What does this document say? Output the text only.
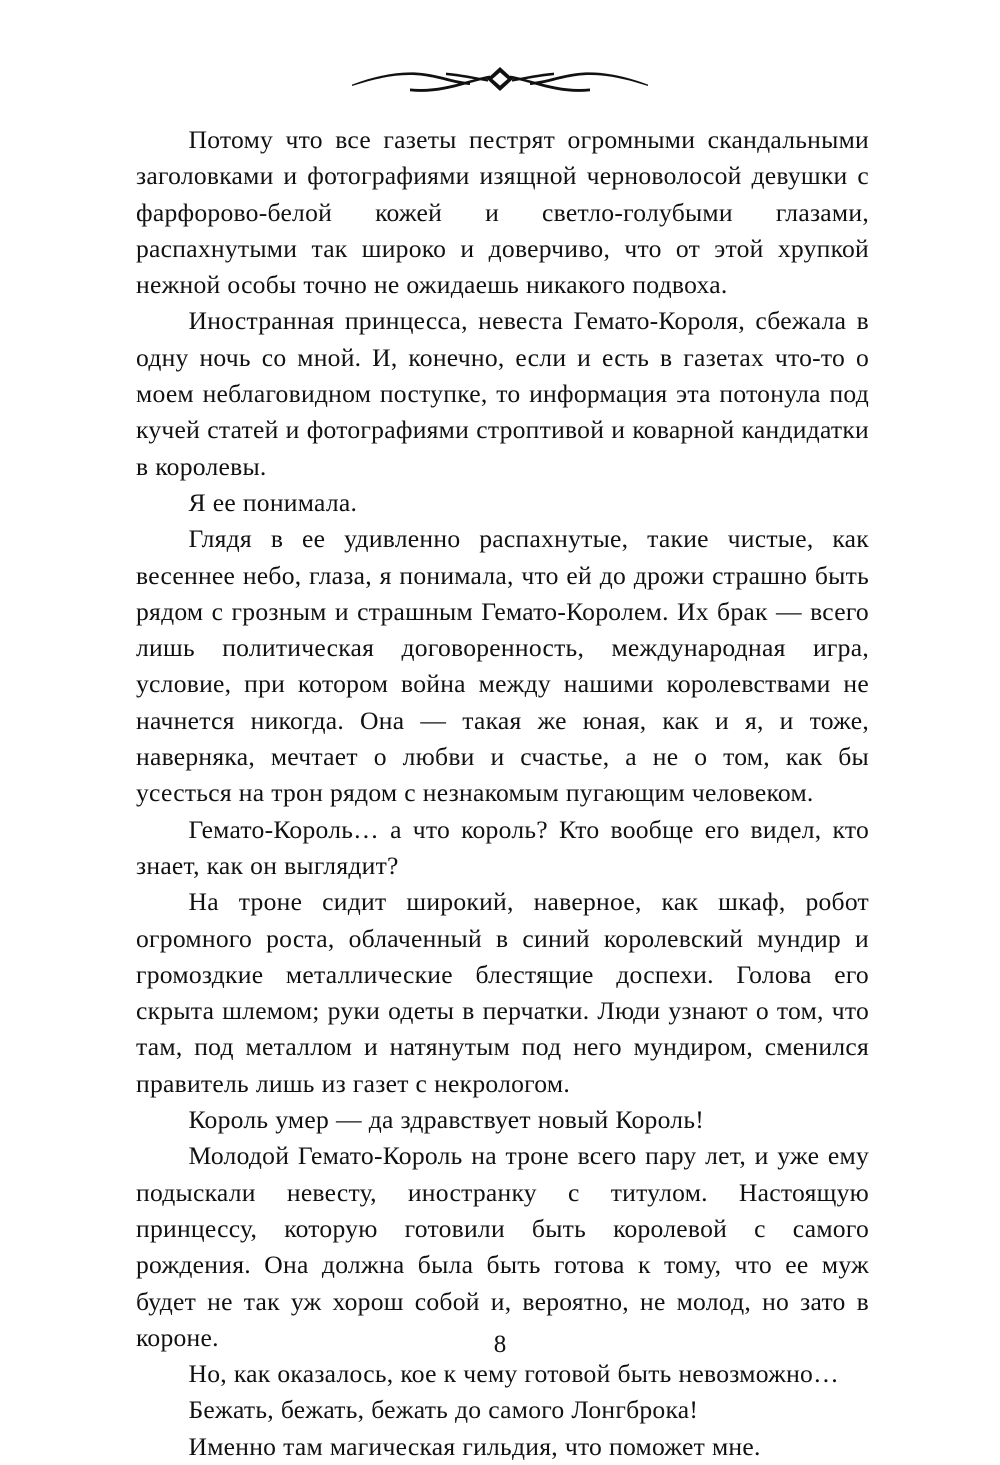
Потому что все газеты пестрят огромными скандальными заголовками и фотографиями изящной черноволосой девушки с фарфорово-белой кожей и светло-голубыми глазами, распахнутыми так широко и доверчиво, что от этой хрупкой нежной особы точно не ожидаешь никакого подвоха.

Иностранная принцесса, невеста Гемато-Короля, сбежала в одну ночь со мной. И, конечно, если и есть в газетах что-то о моем неблаговидном поступке, то информация эта потонула под кучей статей и фотографиями строптивой и коварной кандидатки в королевы.

Я ее понимала.

Глядя в ее удивленно распахнутые, такие чистые, как весеннее небо, глаза, я понимала, что ей до дрожи страшно быть рядом с грозным и страшным Гемато-Королем. Их брак — всего лишь политическая договоренность, международная игра, условие, при котором война между нашими королевствами не начнется никогда. Она — такая же юная, как и я, и тоже, наверняка, мечтает о любви и счастье, а не о том, как бы усесться на трон рядом с незнакомым пугающим человеком.

Гемато-Король… а что король? Кто вообще его видел, кто знает, как он выглядит?

На троне сидит широкий, наверное, как шкаф, робот огромного роста, облаченный в синий королевский мундир и громоздкие металлические блестящие доспехи. Голова его скрыта шлемом; руки одеты в перчатки. Люди узнают о том, что там, под металлом и натянутым под него мундиром, сменился правитель лишь из газет с некрологом.

Король умер — да здравствует новый Король!

Молодой Гемато-Король на троне всего пару лет, и уже ему подыскали невесту, иностранку с титулом. Настоящую принцессу, которую готовили быть королевой с самого рождения. Она должна была быть готова к тому, что ее муж будет не так уж хорош собой и, вероятно, не молод, но зато в короне.

Но, как оказалось, кое к чему готовой быть невозможно…

Бежать, бежать, бежать до самого Лонгброка!

Именно там магическая гильдия, что поможет мне.

8
